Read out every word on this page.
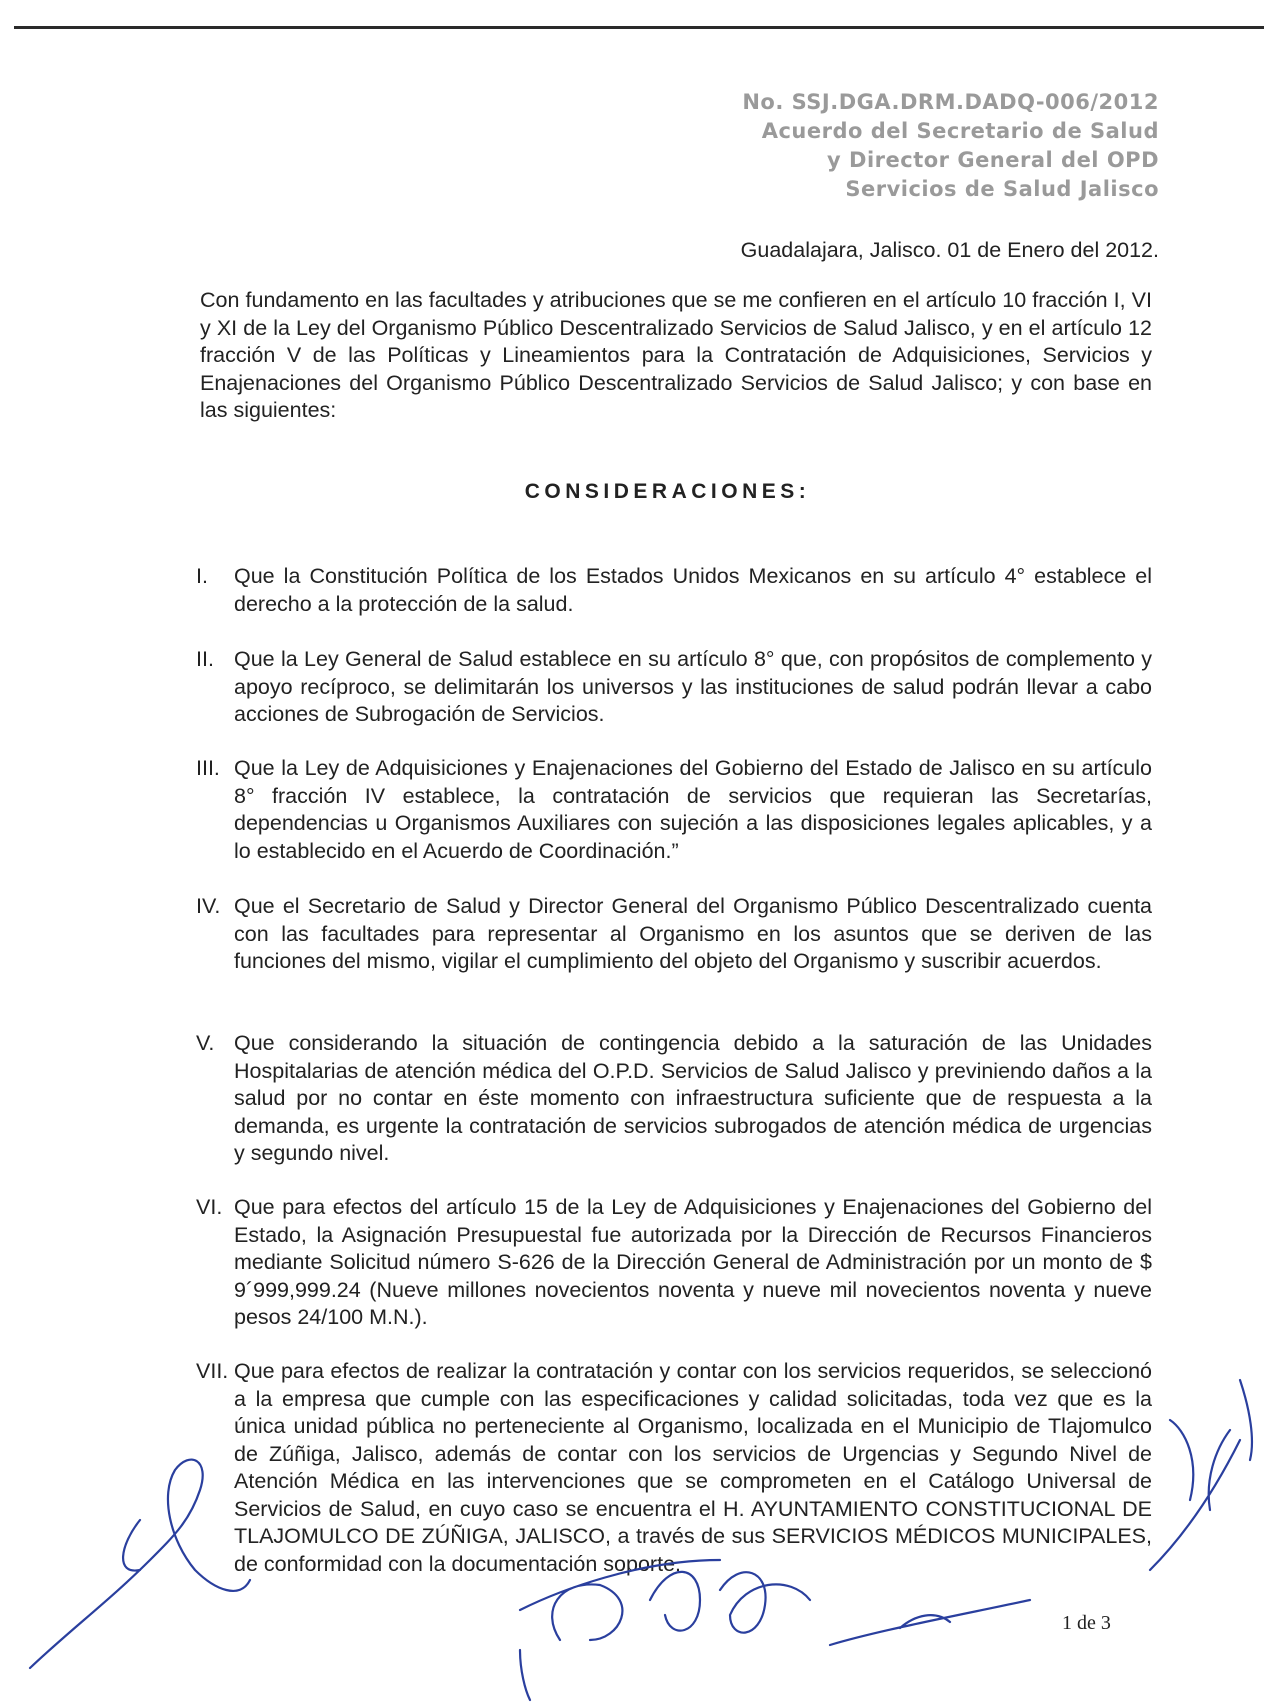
No. SSJ.DGA.DRM.DADQ-006/2012
Acuerdo del Secretario de Salud
y Director General del OPD
Servicios de Salud Jalisco
Guadalajara, Jalisco. 01 de Enero del 2012.
Con fundamento en las facultades y atribuciones que se me confieren en el artículo 10 fracción I, VI y XI de la Ley del Organismo Público Descentralizado Servicios de Salud Jalisco, y en el artículo 12 fracción V de las Políticas y Lineamientos para la Contratación de Adquisiciones, Servicios y Enajenaciones del Organismo Público Descentralizado Servicios de Salud Jalisco; y con base en las siguientes:
CONSIDERACIONES:
I. Que la Constitución Política de los Estados Unidos Mexicanos en su artículo 4° establece el derecho a la protección de la salud.
II. Que la Ley General de Salud establece en su artículo 8° que, con propósitos de complemento y apoyo recíproco, se delimitarán los universos y las instituciones de salud podrán llevar a cabo acciones de Subrogación de Servicios.
III. Que la Ley de Adquisiciones y Enajenaciones del Gobierno del Estado de Jalisco en su artículo 8° fracción IV establece, la contratación de servicios que requieran las Secretarías, dependencias u Organismos Auxiliares con sujeción a las disposiciones legales aplicables, y a lo establecido en el Acuerdo de Coordinación.”
IV. Que el Secretario de Salud y Director General del Organismo Público Descentralizado cuenta con las facultades para representar al Organismo en los asuntos que se deriven de las funciones del mismo, vigilar el cumplimiento del objeto del Organismo y suscribir acuerdos.
V. Que considerando la situación de contingencia debido a la saturación de las Unidades Hospitalarias de atención médica del O.P.D. Servicios de Salud Jalisco y previniendo daños a la salud por no contar en éste momento con infraestructura suficiente que de respuesta a la demanda, es urgente la contratación de servicios subrogados de atención médica de urgencias y segundo nivel.
VI. Que para efectos del artículo 15 de la Ley de Adquisiciones y Enajenaciones del Gobierno del Estado, la Asignación Presupuestal fue autorizada por la Dirección de Recursos Financieros mediante Solicitud número S-626 de la Dirección General de Administración por un monto de $ 9´999,999.24 (Nueve millones novecientos noventa y nueve mil novecientos noventa y nueve pesos 24/100 M.N.).
VII. Que para efectos de realizar la contratación y contar con los servicios requeridos, se seleccionó a la empresa que cumple con las especificaciones y calidad solicitadas, toda vez que es la única unidad pública no perteneciente al Organismo, localizada en el Municipio de Tlajomulco de Zúñiga, Jalisco, además de contar con los servicios de Urgencias y Segundo Nivel de Atención Médica en las intervenciones que se comprometen en el Catálogo Universal de Servicios de Salud, en cuyo caso se encuentra el H. AYUNTAMIENTO CONSTITUCIONAL DE TLAJOMULCO DE ZÚÑIGA, JALISCO, a través de sus SERVICIOS MÉDICOS MUNICIPALES, de conformidad con la documentación soporte.
1 de 3
